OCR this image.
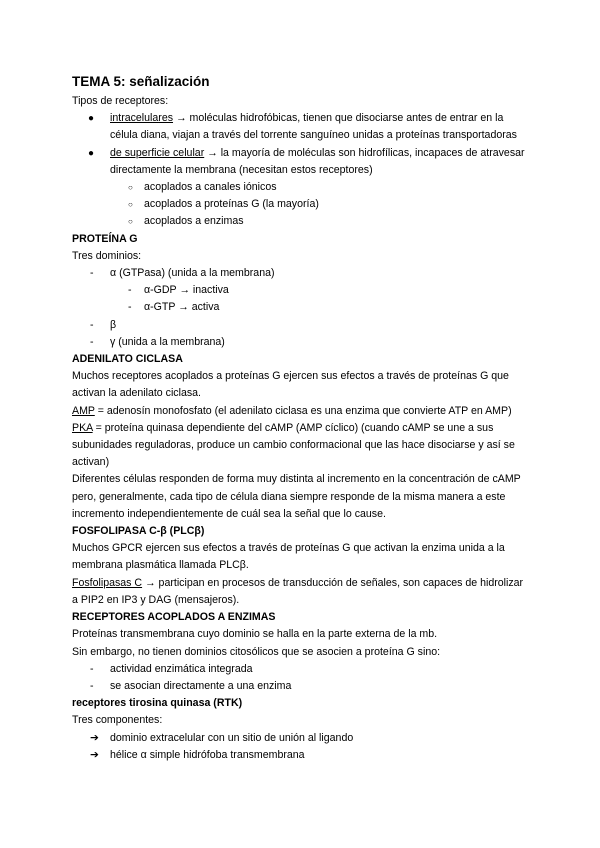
TEMA 5: señalización

Tipos de receptores:

● intracelulares → moléculas hidrofóbicas, tienen que disociarse antes de entrar en la célula diana, viajan a través del torrente sanguíneo unidas a proteínas transportadoras
● de superficie celular → la mayoría de moléculas son hidrofílicas, incapaces de atravesar directamente la membrana (necesitan estos receptores)
○ acoplados a canales iónicos
○ acoplados a proteínas G (la mayoría)
○ acoplados a enzimas

PROTEÍNA G

Tres dominios:

- α (GTPasa) (unida a la membrana)
- α-GDP → inactiva
- α-GTP → activa
- β
- γ (unida a la membrana)

ADENILATO CICLASA

Muchos receptores acoplados a proteínas G ejercen sus efectos a través de proteínas G que activan la adenilato ciclasa.

AMP = adenosín monofosfato (el adenilato ciclasa es una enzima que convierte ATP en AMP)

PKA = proteína quinasa dependiente del cAMP (AMP cíclico) (cuando cAMP se une a sus subunidades reguladoras, produce un cambio conformacional que las hace disociarse y así se activan)

Diferentes células responden de forma muy distinta al incremento en la concentración de cAMP pero, generalmente, cada tipo de célula diana siempre responde de la misma manera a este incremento independientemente de cuál sea la señal que lo cause.

FOSFOLIPASA C-β (PLCβ)

Muchos GPCR ejercen sus efectos a través de proteínas G que activan la enzima unida a la membrana plasmática llamada PLCβ.

Fosfolipasas C → participan en procesos de transducción de señales, son capaces de hidrolizar a PIP2 en IP3 y DAG (mensajeros).

RECEPTORES ACOPLADOS A ENZIMAS

Proteínas transmembrana cuyo dominio se halla en la parte externa de la mb.

Sin embargo, no tienen dominios citosólicos que se asocien a proteína G sino:

- actividad enzimática integrada
- se asocian directamente a una enzima

receptores tirosina quinasa (RTK)

Tres componentes:

➔ dominio extracelular con un sitio de unión al ligando
➔ hélice α simple hidrófoba transmembrana
